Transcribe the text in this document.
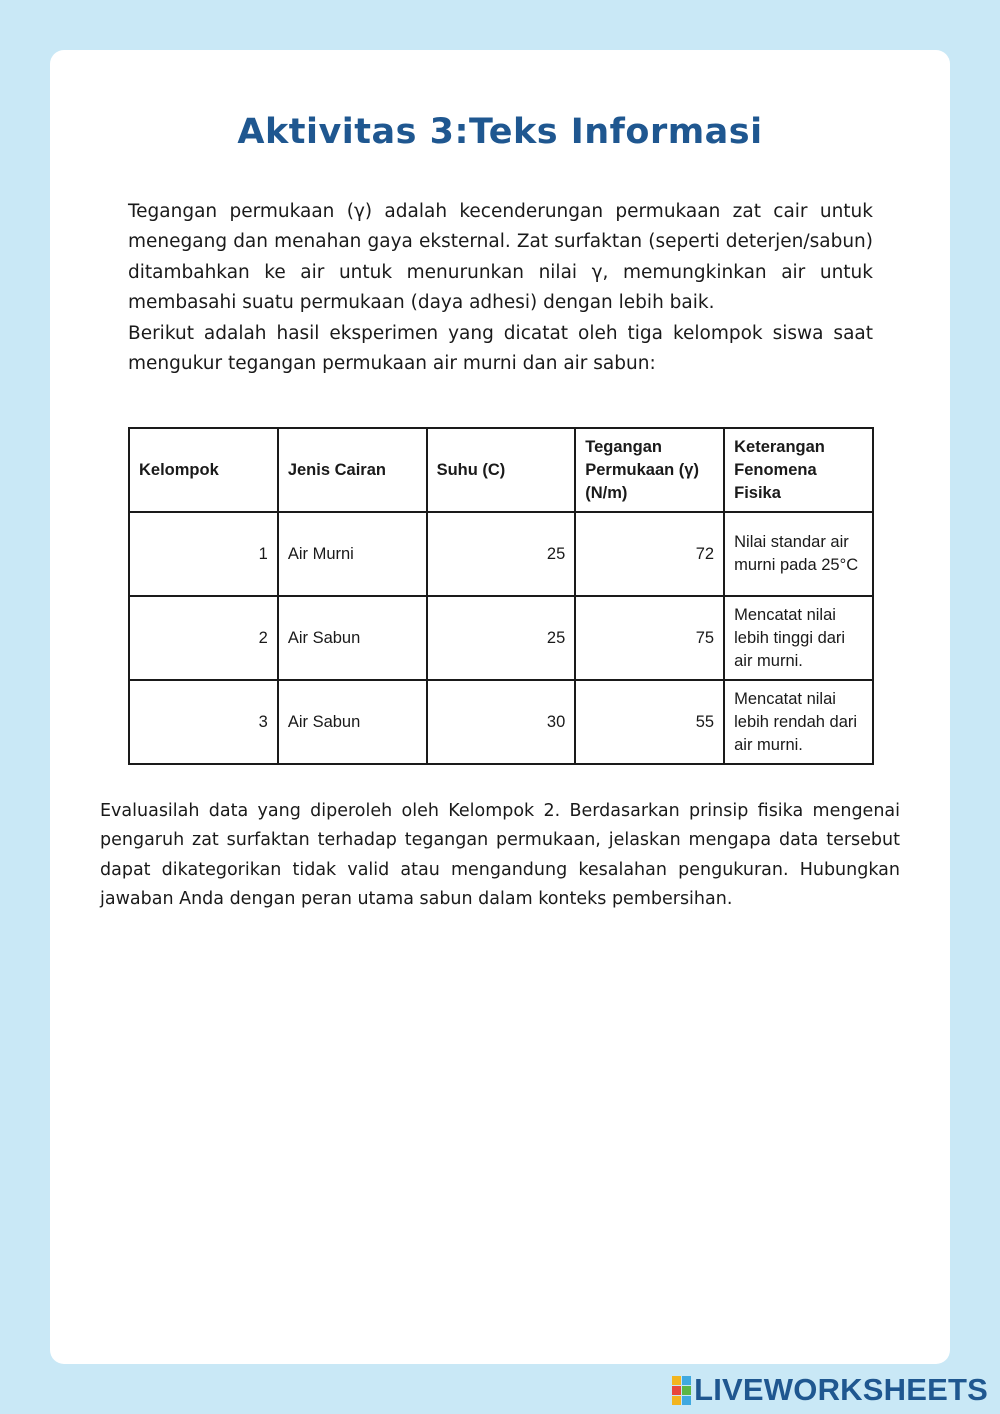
Aktivitas 3:Teks Informasi

Tegangan permukaan (γ) adalah kecenderungan permukaan zat cair untuk menegang dan menahan gaya eksternal. Zat surfaktan (seperti deterjen/sabun) ditambahkan ke air untuk menurunkan nilai γ, memungkinkan air untuk membasahi suatu permukaan (daya adhesi) dengan lebih baik.

Berikut adalah hasil eksperimen yang dicatat oleh tiga kelompok siswa saat mengukur tegangan permukaan air murni dan air sabun:

Kelompok	Jenis Cairan	Suhu (C)	Tegangan Permukaan (γ) (N/m)	Keterangan Fenomena Fisika
1	Air Murni	25	72	Nilai standar air murni pada 25°C
2	Air Sabun	25	75	Mencatat nilai lebih tinggi dari air murni.
3	Air Sabun	30	55	Mencatat nilai lebih rendah dari air murni.

Evaluasilah data yang diperoleh oleh Kelompok 2. Berdasarkan prinsip fisika mengenai pengaruh zat surfaktan terhadap tegangan permukaan, jelaskan mengapa data tersebut dapat dikategorikan tidak valid atau mengandung kesalahan pengukuran. Hubungkan jawaban Anda dengan peran utama sabun dalam konteks pembersihan.

LIVEWORKSHEETS
